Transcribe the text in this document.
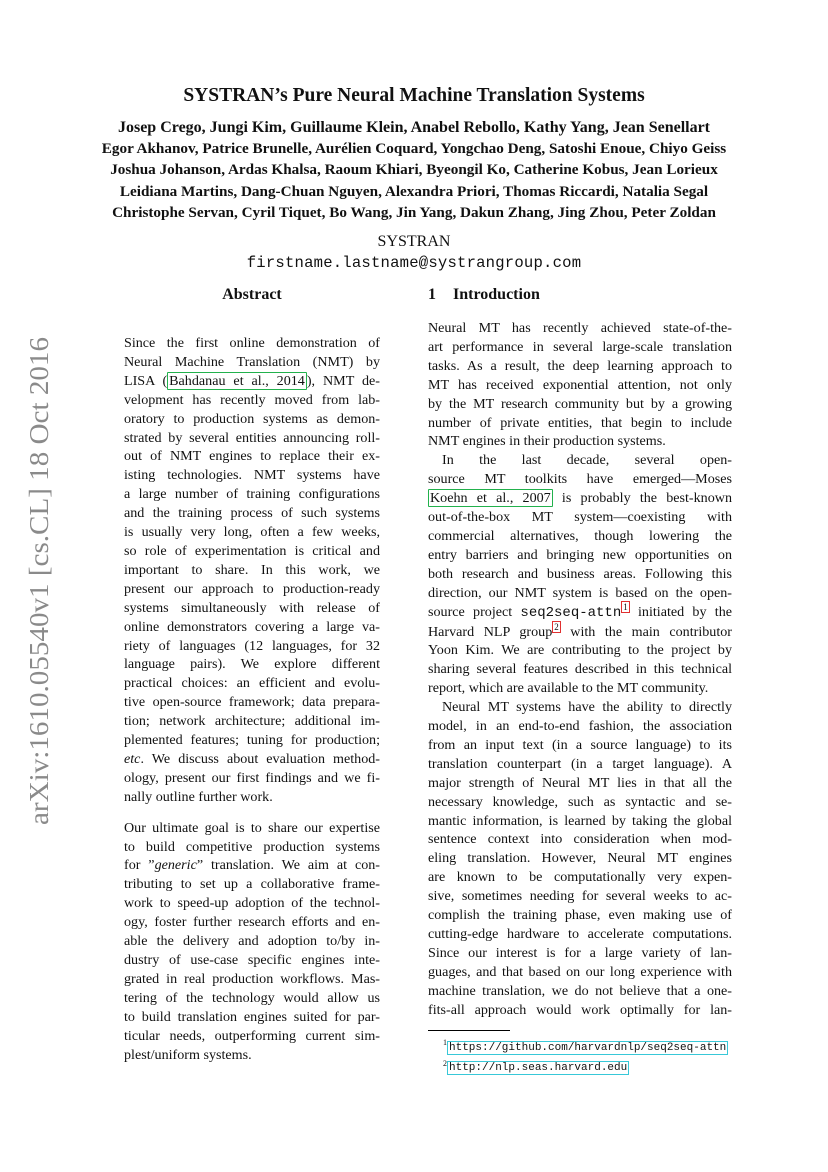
arXiv:1610.05540v1 [cs.CL] 18 Oct 2016
SYSTRAN’s Pure Neural Machine Translation Systems
Josep Crego, Jungi Kim, Guillaume Klein, Anabel Rebollo, Kathy Yang, Jean Senellart
Egor Akhanov, Patrice Brunelle, Aurélien Coquard, Yongchao Deng, Satoshi Enoue, Chiyo Geiss
Joshua Johanson, Ardas Khalsa, Raoum Khiari, Byeongil Ko, Catherine Kobus, Jean Lorieux
Leidiana Martins, Dang-Chuan Nguyen, Alexandra Priori, Thomas Riccardi, Natalia Segal
Christophe Servan, Cyril Tiquet, Bo Wang, Jin Yang, Dakun Zhang, Jing Zhou, Peter Zoldan
SYSTRAN
firstname.lastname@systrangroup.com
Abstract	1 Introduction

Since the first online demonstration of
Neural Machine Translation (NMT) by
LISA ( Bahdanau et al., 2014 ), NMT de-
velopment has recently moved from lab-
oratory to production systems as demon-
strated by several entities announcing roll-
out of NMT engines to replace their ex-
isting technologies. NMT systems have
a large number of training configurations
and the training process of such systems
is usually very long, often a few weeks,
so role of experimentation is critical and
important to share. In this work, we
present our approach to production-ready
systems simultaneously with release of
online demonstrators covering a large va-
riety of languages (12 languages, for 32
language pairs). We explore different
practical choices: an efficient and evolu-
tive open-source framework; data prepara-
tion; network architecture; additional im-
plemented features; tuning for production;
etc. We discuss about evaluation method-
ology, present our first findings and we fi-
nally outline further work.

Our ultimate goal is to share our expertise
to build competitive production systems
for ”generic” translation. We aim at con-
tributing to set up a collaborative frame-
work to speed-up adoption of the technol-
ogy, foster further research efforts and en-
able the delivery and adoption to/by in-
dustry of use-case specific engines inte-
grated in real production workflows. Mas-
tering of the technology would allow us
to build translation engines suited for par-
ticular needs, outperforming current sim-
plest/uniform systems.

Neural MT has recently achieved state-of-the-
art performance in several large-scale translation
tasks. As a result, the deep learning approach to
MT has received exponential attention, not only
by the MT research community but by a growing
number of private entities, that begin to include
NMT engines in their production systems.

In the last decade, several open-
source MT toolkits have emerged—Moses
Koehn et al., 2007 is probably the best-known
out-of-the-box MT system—coexisting with
commercial alternatives, though lowering the
entry barriers and bringing new opportunities on
both research and business areas. Following this
direction, our NMT system is based on the open-
source project seq2seq-attn $^1$ initiated by the
Harvard NLP group $^2$ with the main contributor
Yoon Kim. We are contributing to the project by
sharing several features described in this technical
report, which are available to the MT community.

Neural MT systems have the ability to directly
model, in an end-to-end fashion, the association
from an input text (in a source language) to its
translation counterpart (in a target language). A
major strength of Neural MT lies in that all the
necessary knowledge, such as syntactic and se-
mantic information, is learned by taking the global
sentence context into consideration when mod-
eling translation. However, Neural MT engines
are known to be computationally very expen-
sive, sometimes needing for several weeks to ac-
complish the training phase, even making use of
cutting-edge hardware to accelerate computations.
Since our interest is for a large variety of lan-
guages, and that based on our long experience with
machine translation, we do not believe that a one-
fits-all approach would work optimally for lan-

$^1$ https://github.com/harvardnlp/seq2seq-attn
$^2$ http://nlp.seas.harvard.edu
